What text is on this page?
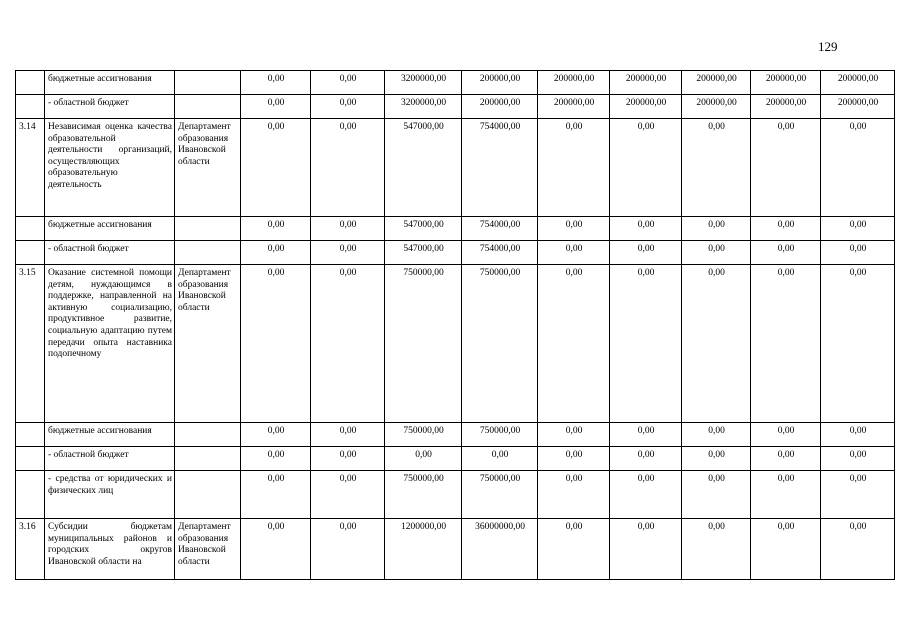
129
	бюджетные ассигнования		0,00	0,00	3200000,00	200000,00	200000,00	200000,00	200000,00	200000,00	200000,00
	- областной бюджет		0,00	0,00	3200000,00	200000,00	200000,00	200000,00	200000,00	200000,00	200000,00
3.14	Независимая оценка качества образовательной деятельности организаций, осуществляющих образовательную деятельность	Департамент образования Ивановской области	0,00	0,00	547000,00	754000,00	0,00	0,00	0,00	0,00	0,00
	бюджетные ассигнования		0,00	0,00	547000,00	754000,00	0,00	0,00	0,00	0,00	0,00
	- областной бюджет		0,00	0,00	547000,00	754000,00	0,00	0,00	0,00	0,00	0,00
3.15	Оказание системной помощи детям, нуждающимся в поддержке, направленной на активную социализацию, продуктивное развитие, социальную адаптацию путем передачи опыта наставника подопечному	Департамент образования Ивановской области	0,00	0,00	750000,00	750000,00	0,00	0,00	0,00	0,00	0,00
	бюджетные ассигнования		0,00	0,00	750000,00	750000,00	0,00	0,00	0,00	0,00	0,00
	- областной бюджет		0,00	0,00	0,00	0,00	0,00	0,00	0,00	0,00	0,00
	- средства от юридических и физических лиц		0,00	0,00	750000,00	750000,00	0,00	0,00	0,00	0,00	0,00
3.16	Субсидии бюджетам муниципальных районов и городских округов Ивановской области на	Департамент образования Ивановской области	0,00	0,00	1200000,00	36000000,00	0,00	0,00	0,00	0,00	0,00
